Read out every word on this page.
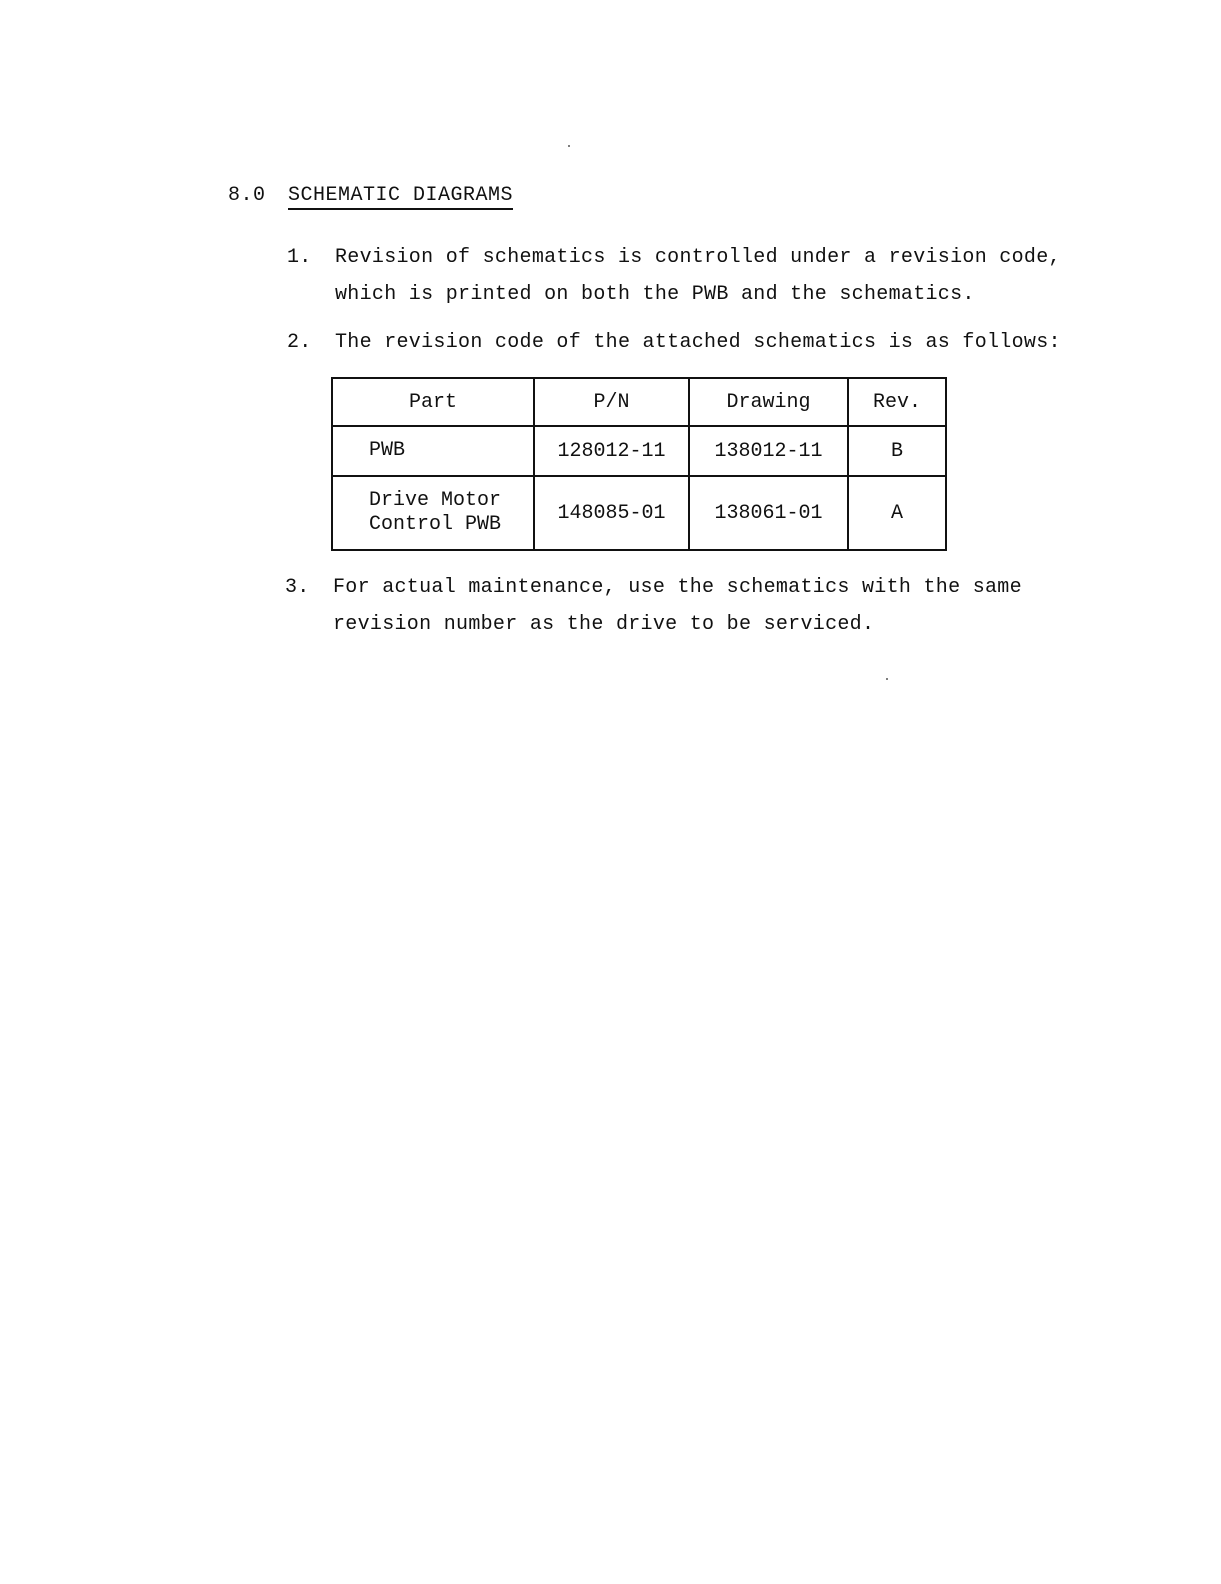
8.0 SCHEMATIC DIAGRAMS
1. Revision of schematics is controlled under a revision code,
which is printed on both the PWB and the schematics.
2. The revision code of the attached schematics is as follows:
Part	P/N	Drawing	Rev.

PWB	128012-11	138012-11	B

Drive Motor
Control PWB	148085-01	138061-01	A
3. For actual maintenance, use the schematics with the same
revision number as the drive to be serviced.
